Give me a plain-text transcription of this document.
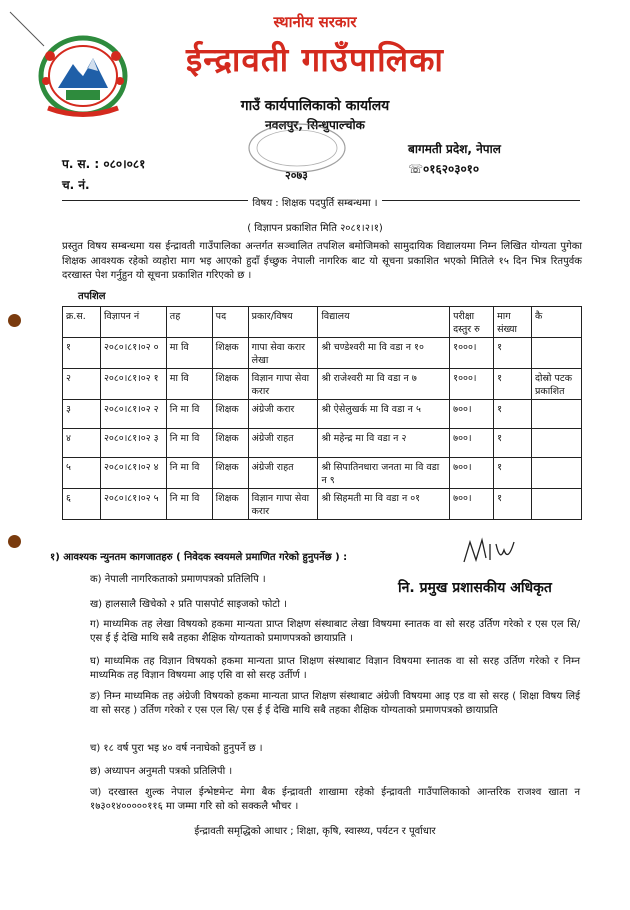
स्थानीय सरकार
ईन्द्रावती गाउँपालिका
गाउँ कार्यपालिकाको कार्यालय
नवलपुर, सिन्धुपाल्चोक
२०७३
प. स. : ०८०।०८१
च. नं.
बागमती प्रदेश, नेपाल
☏०१६२०३०१०
विषय : शिक्षक पदपुर्ति सम्बन्धमा ।
( विज्ञापन प्रकाशित मिति २०८१।२।१)
प्रस्तुत विषय सम्बन्धमा यस ईन्द्रावती गाउँपालिका अन्तर्गत सञ्चालित तपशिल बमोजिमको सामुदायिक विद्यालयमा निम्न लिखित योग्यता पुगेका शिक्षक आवश्यक रहेको व्यहोरा माग भइ आएको हुदाँ ईच्छुक नेपाली नागरिक बाट यो सूचना प्रकाशित भएको मितिले १५ दिन भित्र रितपुर्वक दरखास्त पेश गर्नुहुन यो सूचना प्रकाशित गरिएको छ ।
तपशिल
क्र.स.	विज्ञापन नं	तह	पद	प्रकार/विषय	विद्यालय	परीक्षा दस्तुर रु	माग संख्या	कै
१	२०८०।८१।०२ ०	मा वि	शिक्षक	गापा सेवा करार लेखा	श्री चण्डेश्वरी मा वि वडा न १०	१०००।	१	
२	२०८०।८१।०२ १	मा वि	शिक्षक	विज्ञान गापा सेवा करार	श्री राजेश्वरी मा वि वडा न ७	१०००।	१	दोस्रो पटक प्रकाशित
३	२०८०।८१।०२ २	नि मा वि	शिक्षक	अंग्रेजी करार	श्री ऐसेलुखर्क मा वि वडा न ५	७००।	१	
४	२०८०।८१।०२ ३	नि मा वि	शिक्षक	अंग्रेजी राहत	श्री महेन्द्र मा वि वडा न २	७००।	१	
५	२०८०।८१।०२ ४	नि मा वि	शिक्षक	अंग्रेजी राहत	श्री सिपातिनधारा जनता मा वि वडा न ९	७००।	१	
६	२०८०।८१।०२ ५	नि मा वि	शिक्षक	विज्ञान गापा सेवा करार	श्री सिहमती मा वि वडा न ०१	७००।	१	
१) आवश्यक न्युनतम कागजातहरु ( निवेदक स्वयमले प्रमाणित गरेको हुनुपर्नेछ ) :
नि. प्रमुख प्रशासकीय अधिकृत
क) नेपाली नागरिकताको प्रमाणपत्रको प्रतिलिपि ।
ख) हालसालै खिचेको २ प्रति पासपोर्ट साइजको फोटो ।
ग) माध्यमिक तह लेखा विषयको हकमा मान्यता प्राप्त शिक्षण संस्थाबाट लेखा विषयमा स्नातक वा सो सरह उर्तिण गरेको र एस एल सि/ एस ई ई देखि माथि सबै तहका शैक्षिक योग्यताको प्रमाणपत्रको छायाप्रति ।
घ) माध्यमिक तह विज्ञान विषयको हकमा मान्यता प्राप्त शिक्षण संस्थाबाट विज्ञान विषयमा स्नातक वा सो सरह उर्तिण गरेको र निम्न माध्यमिक तह विज्ञान विषयमा आइ एसि वा सो सरह उर्तीर्ण ।
ङ) निम्न माध्यमिक तह अंग्रेजी विषयको हकमा मान्यता प्राप्त शिक्षण संस्थाबाट अंग्रेजी विषयमा आइ एड वा सो सरह ( शिक्षा विषय लिई वा सो सरह ) उर्तिण गरेको र एस एल सि/ एस ई ई देखि माथि सबै तहका शैक्षिक योग्यताको प्रमाणपत्रको छायाप्रति
च) १८ वर्ष पुरा भइ ४० वर्ष ननाघेको हुनुपर्ने छ ।
छ) अध्यापन अनुमती पत्रको प्रतिलिपी ।
ज) दरखास्त शुल्क नेपाल ईन्भेष्टमेन्ट मेगा बैक ईन्द्रावती शाखामा रहेको ईन्द्रावती गाउँपालिकाको आन्तरिक राजश्व खाता न १७३०१४०००००११६ मा जम्मा गरि सो को सक्कलै भौचर ।
ईन्द्रावती समृद्धिको आधार ; शिक्षा, कृषि, स्वास्थ्य, पर्यटन र पूर्वाधार
